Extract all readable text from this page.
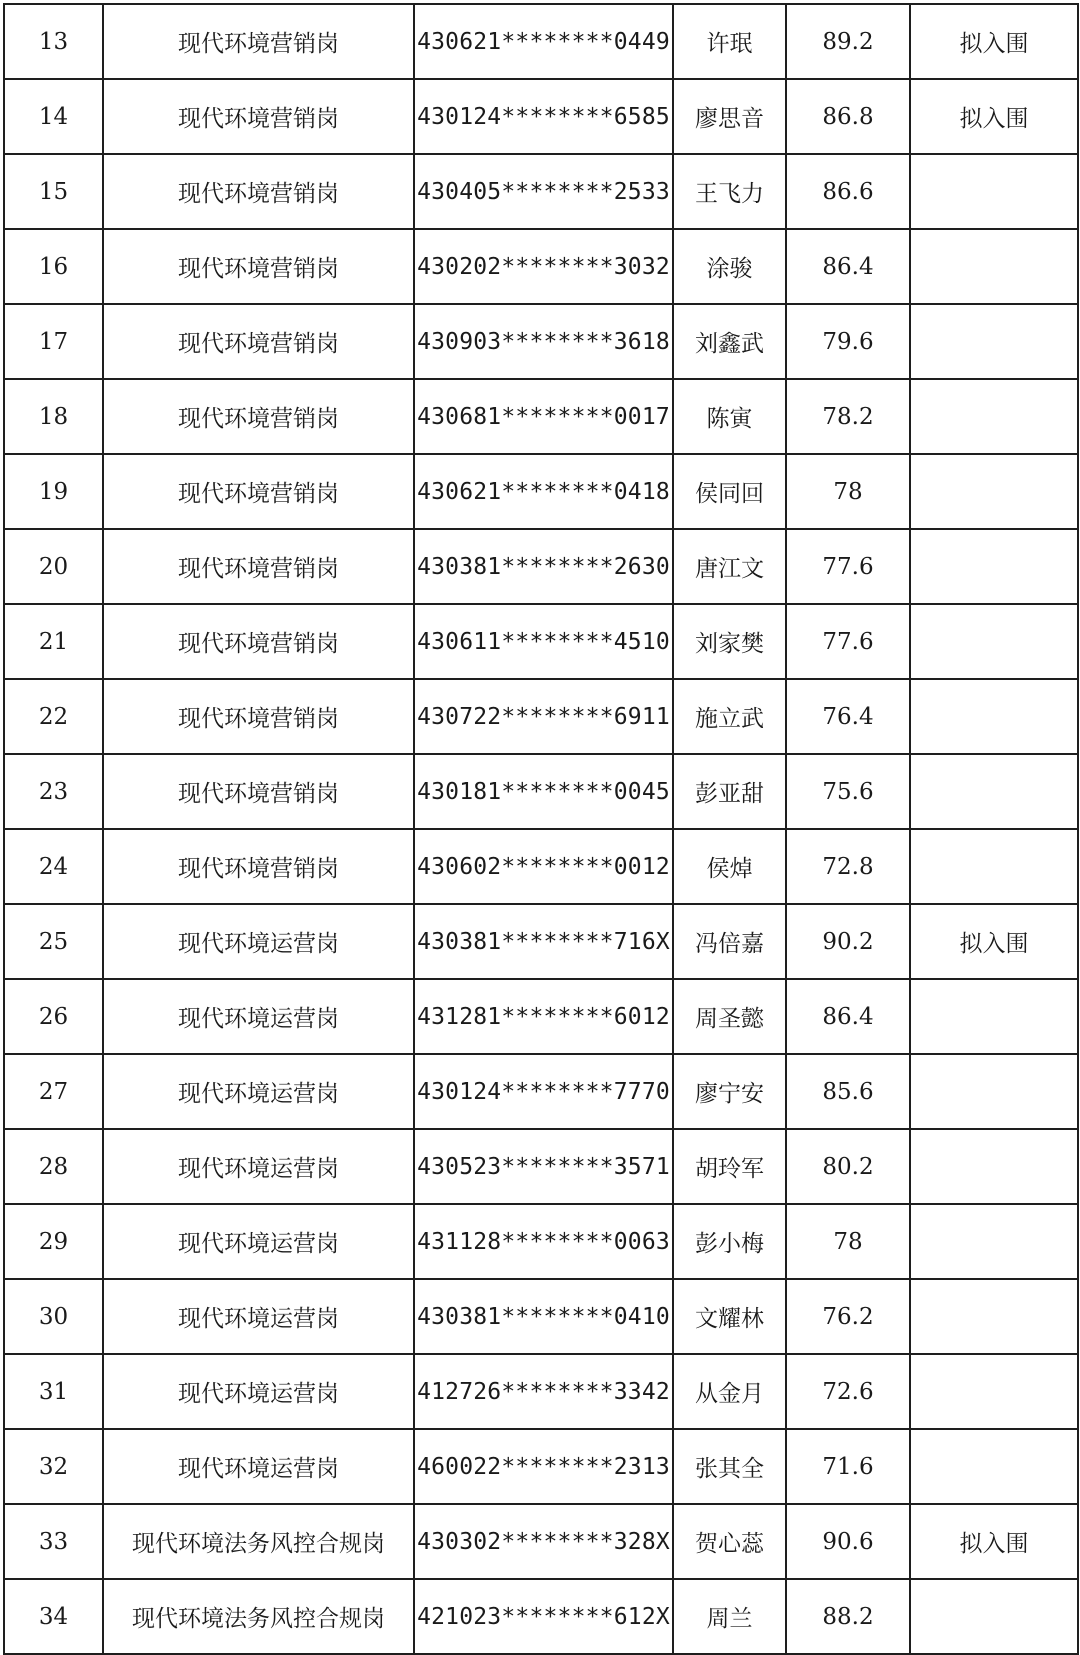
13	现代环境营销岗	430621********0449	许珉	89.2	拟入围
14	现代环境营销岗	430124********6585	廖思音	86.8	拟入围
15	现代环境营销岗	430405********2533	王飞力	86.6	
16	现代环境营销岗	430202********3032	涂骏	86.4	
17	现代环境营销岗	430903********3618	刘鑫武	79.6	
18	现代环境营销岗	430681********0017	陈寅	78.2	
19	现代环境营销岗	430621********0418	侯同回	78	
20	现代环境营销岗	430381********2630	唐江文	77.6	
21	现代环境营销岗	430611********4510	刘家樊	77.6	
22	现代环境营销岗	430722********6911	施立武	76.4	
23	现代环境营销岗	430181********0045	彭亚甜	75.6	
24	现代环境营销岗	430602********0012	侯焯	72.8	
25	现代环境运营岗	430381********716X	冯倍嘉	90.2	拟入围
26	现代环境运营岗	431281********6012	周圣懿	86.4	
27	现代环境运营岗	430124********7770	廖宁安	85.6	
28	现代环境运营岗	430523********3571	胡玲军	80.2	
29	现代环境运营岗	431128********0063	彭小梅	78	
30	现代环境运营岗	430381********0410	文耀林	76.2	
31	现代环境运营岗	412726********3342	从金月	72.6	
32	现代环境运营岗	460022********2313	张其全	71.6	
33	现代环境法务风控合规岗	430302********328X	贺心蕊	90.6	拟入围
34	现代环境法务风控合规岗	421023********612X	周兰	88.2	
